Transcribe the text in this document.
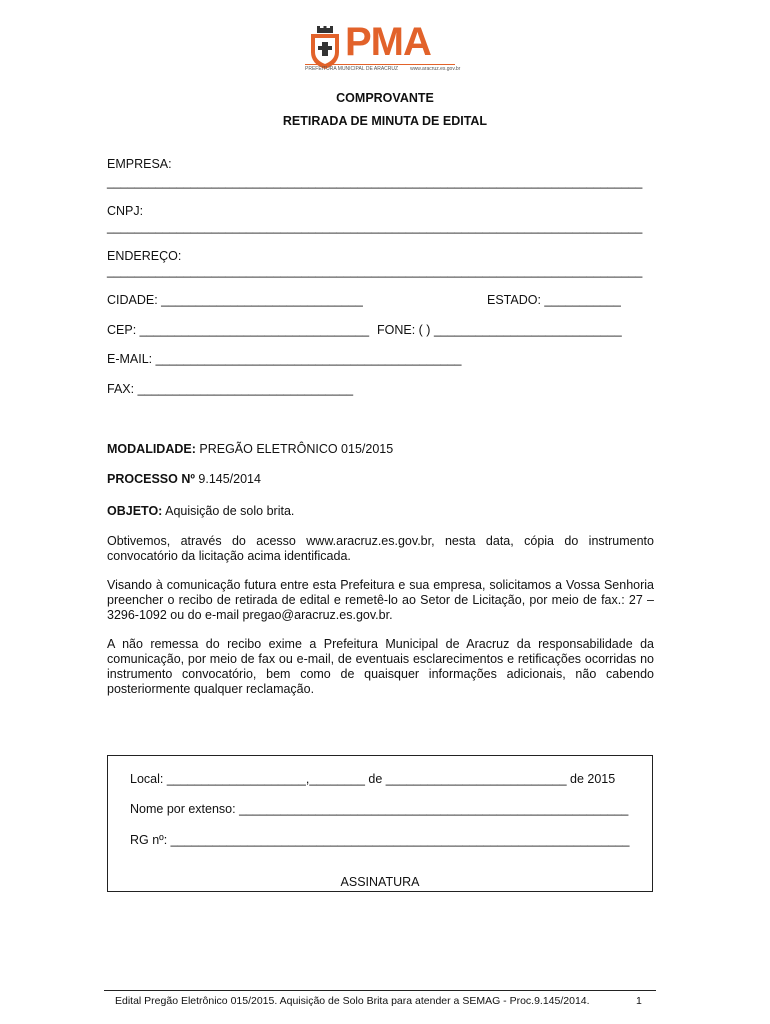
PMA
PREFEITURA MUNICIPAL DE ARACRUZ www.aracruz.es.gov.br
COMPROVANTE
RETIRADA DE MINUTA DE EDITAL
EMPRESA:
_____________________________________________________________________________
CNPJ:
_____________________________________________________________________________
ENDEREÇO:
_____________________________________________________________________________
CIDADE: _____________________________	ESTADO: ___________
CEP: _________________________________ FONE: ( ) ___________________________
E-MAIL: ____________________________________________
FAX: _______________________________
MODALIDADE: PREGÃO ELETRÔNICO 015/2015
PROCESSO Nº 9.145/2014
OBJETO: Aquisição de solo brita.
Obtivemos, através do acesso www.aracruz.es.gov.br, nesta data, cópia do instrumento convocatório da licitação acima identificada.
Visando à comunicação futura entre esta Prefeitura e sua empresa, solicitamos a Vossa Senhoria preencher o recibo de retirada de edital e remetê-lo ao Setor de Licitação, por meio de fax.: 27 – 3296-1092 ou do e-mail pregao@aracruz.es.gov.br.
A não remessa do recibo exime a Prefeitura Municipal de Aracruz da responsabilidade da comunicação, por meio de fax ou e-mail, de eventuais esclarecimentos e retificações ocorridas no instrumento convocatório, bem como de quaisquer informações adicionais, não cabendo posteriormente qualquer reclamação.
Local: ____________________,________ de __________________________ de 2015
Nome por extenso: ________________________________________________________
RG nº: __________________________________________________________________
ASSINATURA
Edital Pregão Eletrônico 015/2015. Aquisição de Solo Brita para atender a SEMAG - Proc.9.145/2014.	1
